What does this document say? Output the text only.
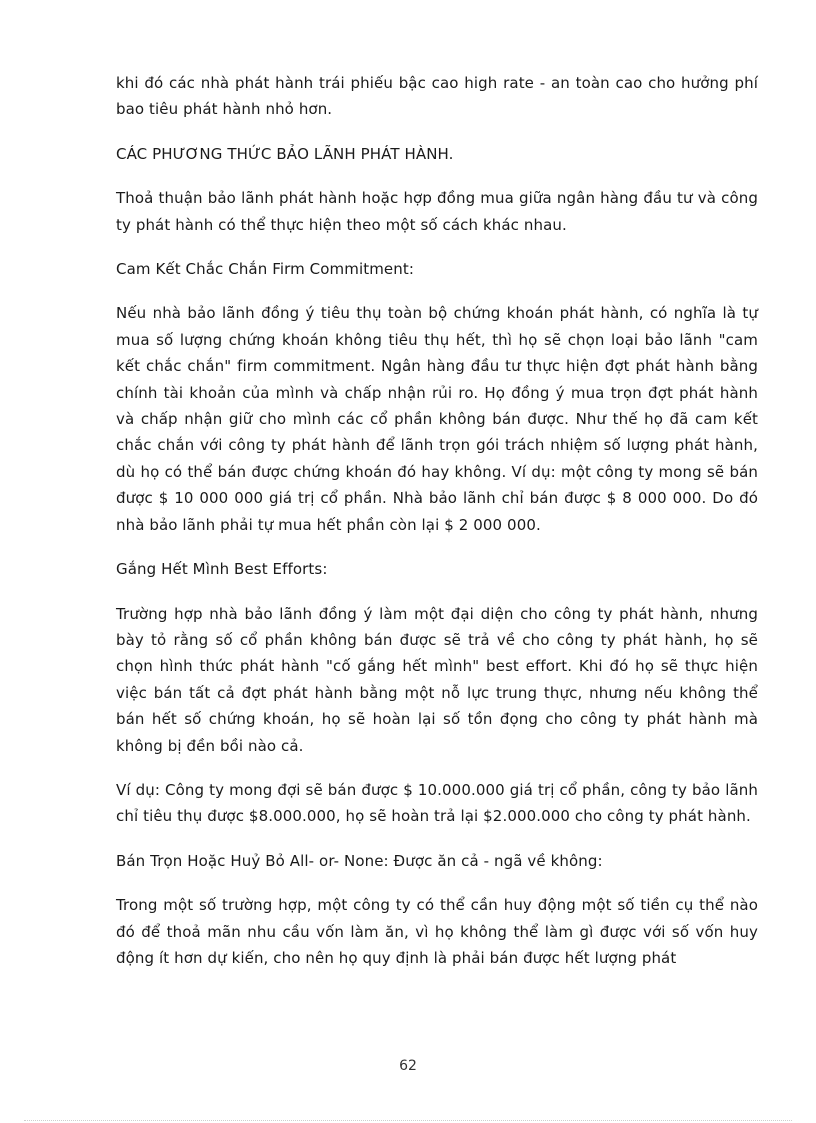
khi đó các nhà phát hành trái phiếu bậc cao high rate - an toàn cao cho hưởng phí bao tiêu phát hành nhỏ hơn.

CÁC PHƯƠNG THỨC BẢO LÃNH PHÁT HÀNH.

Thoả thuận bảo lãnh phát hành hoặc hợp đồng mua giữa ngân hàng đầu tư và công ty phát hành có thể thực hiện theo một số cách khác nhau.

Cam Kết Chắc Chắn Firm Commitment:

Nếu nhà bảo lãnh đồng ý tiêu thụ toàn bộ chứng khoán phát hành, có nghĩa là tự mua số lượng chứng khoán không tiêu thụ hết, thì họ sẽ chọn loại bảo lãnh "cam kết chắc chắn" firm commitment. Ngân hàng đầu tư thực hiện đợt phát hành bằng chính tài khoản của mình và chấp nhận rủi ro. Họ đồng ý mua trọn đợt phát hành và chấp nhận giữ cho mình các cổ phần không bán được. Như thế họ đã cam kết chắc chắn với công ty phát hành để lãnh trọn gói trách nhiệm số lượng phát hành, dù họ có thể bán được chứng khoán đó hay không. Ví dụ: một công ty mong sẽ bán được $ 10 000 000 giá trị cổ phần. Nhà bảo lãnh chỉ bán được $ 8 000 000. Do đó nhà bảo lãnh phải tự mua hết phần còn lại $ 2 000 000.

Gắng Hết Mình Best Efforts:

Trường hợp nhà bảo lãnh đồng ý làm một đại diện cho công ty phát hành, nhưng bày tỏ rằng số cổ phần không bán được sẽ trả về cho công ty phát hành, họ sẽ chọn hình thức phát hành "cố gắng hết mình" best effort. Khi đó họ sẽ thực hiện việc bán tất cả đợt phát hành bằng một nỗ lực trung thực, nhưng nếu không thể bán hết số chứng khoán, họ sẽ hoàn lại số tồn đọng cho công ty phát hành mà không bị đền bồi nào cả.

Ví dụ: Công ty mong đợi sẽ bán được $ 10.000.000 giá trị cổ phần, công ty bảo lãnh chỉ tiêu thụ được $8.000.000, họ sẽ hoàn trả lại $2.000.000 cho công ty phát hành.

Bán Trọn Hoặc Huỷ Bỏ All- or- None: Được ăn cả - ngã về không:

Trong một số trường hợp, một công ty có thể cần huy động một số tiền cụ thể nào đó để thoả mãn nhu cầu vốn làm ăn, vì họ không thể làm gì được với số vốn huy động ít hơn dự kiến, cho nên họ quy định là phải bán được hết lượng phát

62
